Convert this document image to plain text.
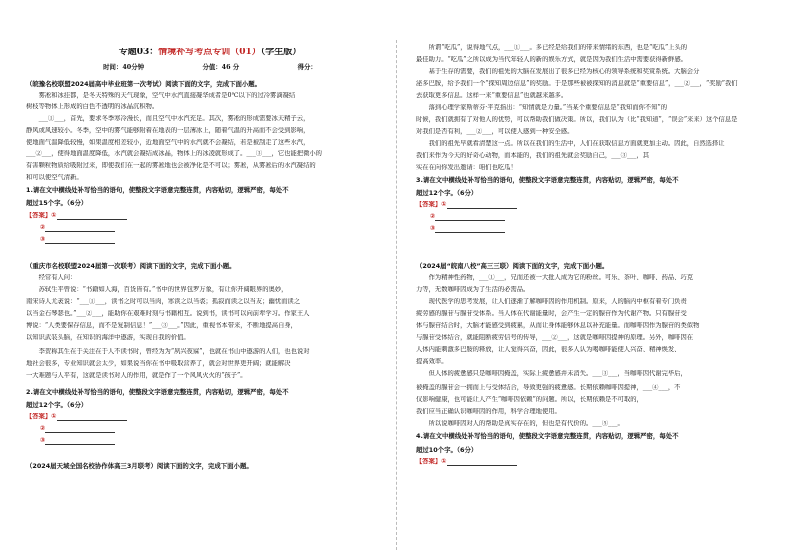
专题03：情境补写考点专训（01）（学生版）
时间：40分钟	分值：46 分	得分：
（皖豫名校联盟2024届高中毕业班第一次考试）阅读下面的文字，完成下面小题。
　　雾凇和冰挂都，是冬天特殊的天气现象，空气中水汽直接凝华成者是0℃以下的过冷雾滴凝结
树枝等物体上形成的白色不透明的冰晶沉积物。
　　___①___，首先，要求冬季寒冷漫长，而且空气中水汽充足。其次，雾凇的形成需要冰天精子云，
静风或风速较小。冬季，空中的雾气能够附着在地表的一层薄冰上，随着气温的升高而不会受到影响，
使地面气温降低较慢，如果温度相差较小，近地面空气中的水汽就不会凝结，若是被刮走了这些水汽，
___②___，使得地面温度降低，水汽就会凝结成冰晶，物体上的冰凌就形成了。___③___，它也能把微小的
有害颗粒物质给吸附过来，即使我们在一起的雾凇地也会被净化是不可以；雾凇，从雾凇后的水汽凝结的
和可以使空气清新。
1.请在文中横线处补写恰当的语句，使整段文字语意完整连贯，内容贴切，逻辑严密，每处不
超过15个字。（6分）
【答案】①
②
③
（重庆市名校联盟2024届第一次联考）阅读下面的文字，完成下面小题。
　　经常有人问：
　　苏轼生平曾说：“书籍如人海，百货皆有。”书中的世界包罗万象，有让你开阔眼界的奥妙，
南宋诗人尤袤说：“___①___，读书之时可以当肉，寒读之以当裘；孤寂而读之以当友；幽忧而读之
以当金石琴瑟也。”___②___，能助你在艰难时刻与书籍相互。说到书，读书可以向前辈学习。作家王人
博说：“人类要保存信息，而不是复制信息！”___③___。”因此，重视书本带来，不断地提高自身，
以知识武装头脑，在知识的海洋中遨游，实现自我的价值。
　　李贺称其生在于关注在于人不读书时，曾经为为“夙兴夜寐”，也就在书山中遨游的人们，也也说对
地社会很多，专业知识就会太少，如果说当你在书中吸取营养了，就会对世界更开阔；就能解决
一大难题与人平有，这就是读书对人的作用，就是作了一个风风火火的“孩子”。
2.请在文中横线处补写恰当的语句，使整段文字语意完整连贯，内容贴切，逻辑严密，每处不
超过12个字。（6分）
【答案】①
②
③
（2024届天域全国名校协作体高三3月联考）阅读下面的文字，完成下面小题。
　　所谓“吃瓜”，说得地气点，___①___。多已经是给我们的带来情绪的东西，也是“吃瓜”上头的
最佳助力。“吃瓜”之所以成为当代年轻人的新的娱乐方式，就是因为我们生活中需要获得新鲜感。
　　基于生存的需要，我们的祖先的大脑在发展出了很多已经为核心的领导系统和奖赏系统。大脑会分
泌多巴胺，给予我们一个“探知周边信息”的奖励。于是那些被被探知的消息就是“重要信息”，___②___，“奖励”我们
去获取更多信息。这样一来“重要信息”也就越来越多。
　　落到心理学家斯蒂芬·平克指出：“知情就是力量。”当某个重要信息是“我知而你不知”的
时候，我们就拥有了对他人的优势，可以帮助我们做决策。所以，我们认为（比“我知道”，“误会”来来）这个信息是
对我们是否有利，___②___，可以使人感到一种安全感。
　　我们的祖先早就看清楚这一点。所以在我们的生活中，人们在获取信息方面就更加主动。因此，自然选择让
我们来作为今天的好奇心动物，而本能的，我们的祖先就会奖励自己，___③___，其
实在在向你发出邀请：咱们也吃瓜！
3.请在文中横线处补写恰当的语句，使整段文字语意完整连贯，内容贴切，逻辑严密，每处不
超过12个字。（6分）
【答案】①
②
③
（2024届“皖南八校”高三三联）阅读下面的文字，完成下面小题。
　　作为精神性药物，___①___，兄而还被一大批人成为它的粉丝。可乐、茶叶、咖啡、药品、巧克
力等，无数咖啡因成为了生活的必需品。
　　现代医学的思考发展，让人们逐渐了解咖啡因的作用机制。原来，人的脑内中枢有着专门负责
疲劳感的腺苷与腺苷受体系。当人体在代谢能量时，会产生一定的腺苷作为代谢产物。只有腺苷受
体与腺苷结合时，大脑才能感受到疲累，从而让身体能够休息以补充能量。而咖啡因作为腺苷的类似物
与腺苷受体结合，就能阻断疲劳信号的传导，___②___，这就是咖啡因提神的原理。另外，咖啡因在
人体内能刺激多巴胺的释放，让人觉得兴奋，因此，很多人认为喝咖啡能使人兴奋、精神焕发、
提高效率。
　　但人体的疲惫感只是咖啡因掩盖，实际上疲惫感并未消失。___③___，当咖啡因代谢完毕后，
被掩盖的腺苷会一拥而上与受体结合，导致更强的疲惫感。长期依赖咖啡因提神，___④___，不
仅影响健康，也可能让人产生“咖啡因依赖”的问题。所以，长期依赖是不可取的，
我们应当正确认识咖啡因的作用，科学合理地使用。
　　所以说咖啡因对人的帮助是真实存在的，但也是有代价的。___⑤___。
4.请在文中横线处补写恰当的语句，使整段文字语意完整连贯，内容贴切，逻辑严密，每处不
超过10个字。（6分）
【答案】①
